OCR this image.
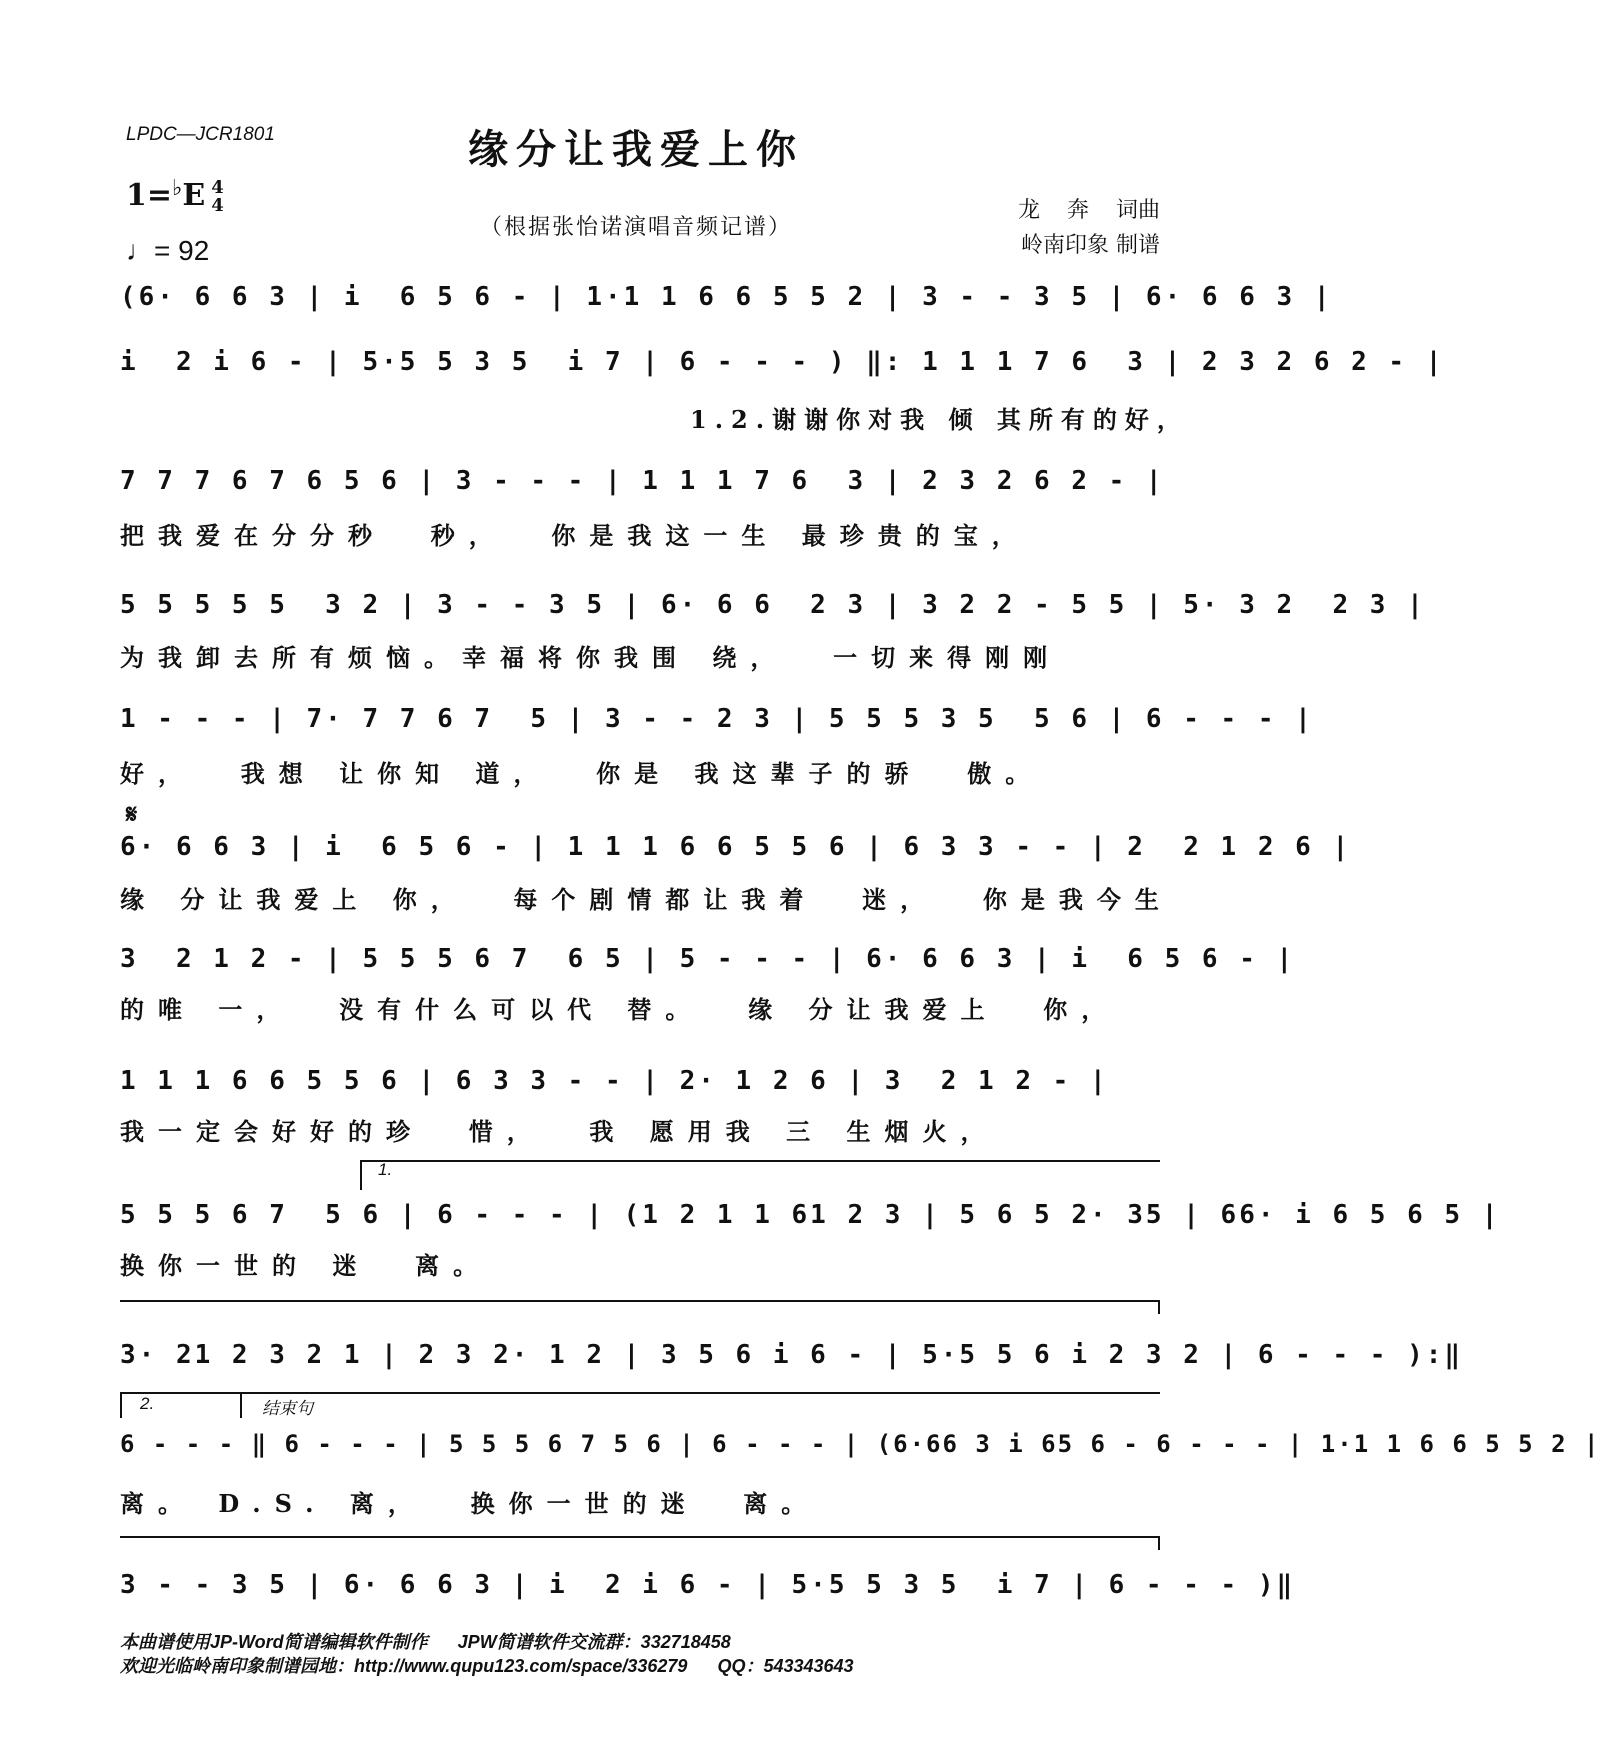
LPDC—JCR1801	缘分让我爱上你
（根据张怡诺演唱音频记谱）
1=♭E 4
4
♩= 92
龙 奔 词曲
岭南印象 制谱
(6· 6 6 3 | i  6 5 6 - | 1·1 1 6 6 5 5 2 | 3 - - 3 5 | 6· 6 6 3 |
i  2 i 6 - | 5·5 5 3 5  i 7 | 6 - - - ) ‖: 1 1 1 7 6  3 | 2 3 2 6 2 - |
1.2.谢谢你对我 倾 其所有的好，
7 7 7 6 7 6 5 6 | 3 - - - | 1 1 1 7 6  3 | 2 3 2 6 2 - |
把我爱在分分秒  秒，  你是我这一生 最珍贵的宝，
5 5 5 5 5  3 2 | 3 - - 3 5 | 6· 6 6  2 3 | 3 2 2 - 5 5 | 5· 3 2  2 3 |
为我卸去所有烦恼。幸福将你我围 绕，  一切来得刚刚
1 - - - | 7· 7 7 6 7  5 | 3 - - 2 3 | 5 5 5 3 5  5 6 | 6 - - - |
好，  我想 让你知 道，  你是 我这辈子的骄  傲。
𝄋
6· 6 6 3 | i  6 5 6 - | 1 1 1 6 6 5 5 6 | 6 3 3 - - | 2  2 1 2 6 |
缘 分让我爱上 你，  每个剧情都让我着  迷，  你是我今生
3  2 1 2 - | 5 5 5 6 7  6 5 | 5 - - - | 6· 6 6 3 | i  6 5 6 - |
的唯 一，  没有什么可以代 替。  缘 分让我爱上  你，
1 1 1 6 6 5 5 6 | 6 3 3 - - | 2· 1 2 6 | 3  2 1 2 - |
我一定会好好的珍  惜，  我 愿用我 三 生烟火，
1.
5 5 5 6 7  5 6 | 6 - - - | (1 2 1 1 61 2 3 | 5 6 5 2· 35 | 66· i 6 5 6 5 |
换你一世的 迷  离。
3· 21 2 3 2 1 | 2 3 2· 1 2 | 3 5 6 i 6 - | 5·5 5 6 i 2 3 2 | 6 - - - ):‖
2.	结束句
6 - - - ‖ 6 - - - | 5 5 5 6 7 5 6 | 6 - - - | (6·66 3 i 65 6 - 6 - - - | 1·1 1 6 6 5 5 2 |
离。 D.S. 离，  换你一世的迷  离。
3 - - 3 5 | 6· 6 6 3 | i  2 i 6 - | 5·5 5 3 5  i 7 | 6 - - - )‖
本曲谱使用JP-Word简谱编辑软件制作      JPW简谱软件交流群：332718458
欢迎光临岭南印象制谱园地：http://www.qupu123.com/space/336279      QQ：543343643
